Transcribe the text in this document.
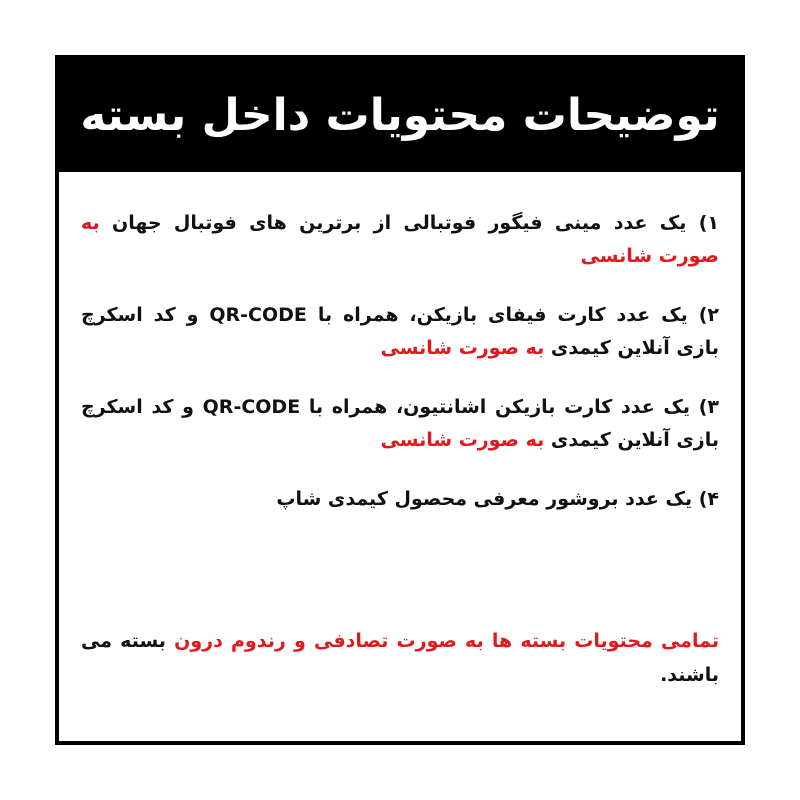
توضیحات محتویات داخل بسته
۱) یک عدد مینی فیگور فوتبالی از برترین های فوتبال جهان به صورت شانسی
۲) یک عدد کارت فیفای بازیکن، همراه با QR-CODE و کد اسکرچ بازی آنلاین کیمدی به صورت شانسی
۳) یک عدد کارت بازیکن اشانتیون، همراه با QR-CODE و کد اسکرچ بازی آنلاین کیمدی به صورت شانسی
۴) یک عدد بروشور معرفی محصول کیمدی شاپ
تمامی محتویات بسته ها به صورت تصادفی و رندوم درون بسته می باشند.
